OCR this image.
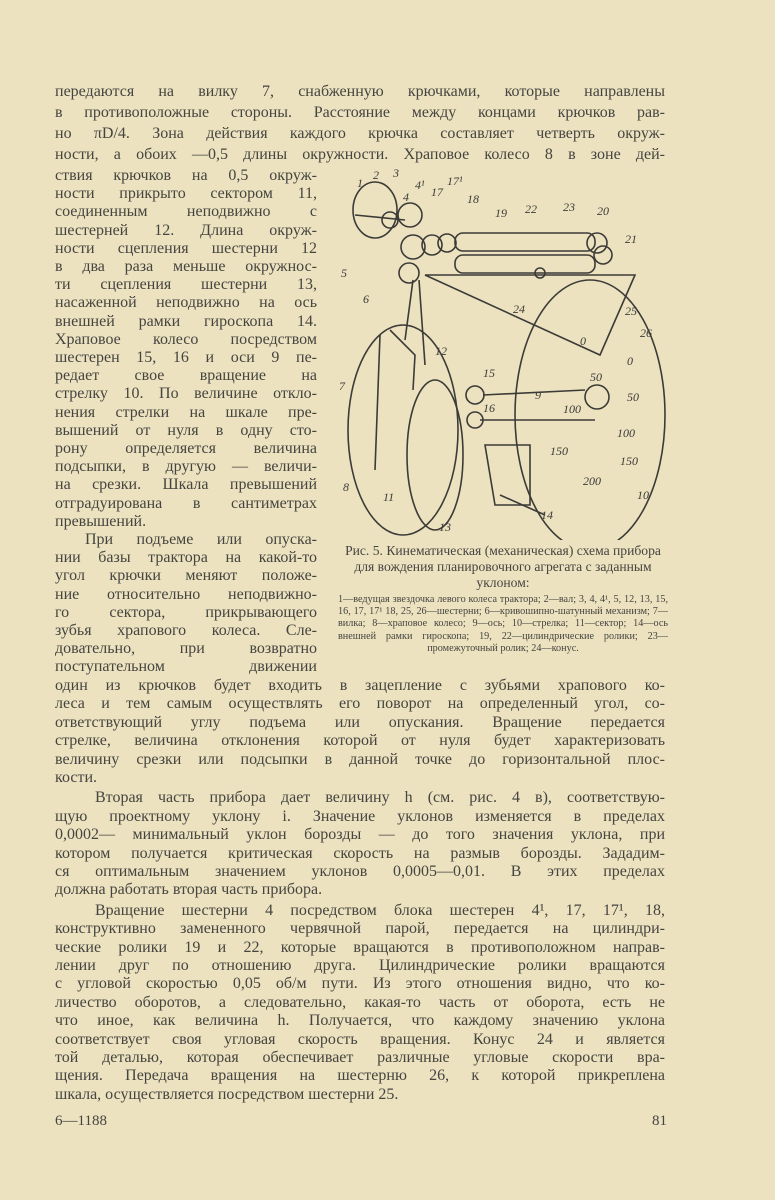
передаются на вилку 7, снабженную крючками, которые направлены
в противоположные стороны. Расстояние между концами крючков рав-
но πD/4. Зона действия каждого крючка составляет четверть окруж-
ности, а обоих —0,5 длины окружности. Храповое колесо 8 в зоне дей-
ствия крючков на 0,5 окруж-
ности прикрыто сектором 11,
соединенным неподвижно с
шестерней 12. Длина окруж-
ности сцепления шестерни 12
в два раза меньше окружнос-
ти сцепления шестерни 13,
насаженной неподвижно на ось
внешней рамки гироскопа 14.
Храповое колесо посредством
шестерен 15, 16 и оси 9 пе-
редает свое вращение на
стрелку 10. По величине откло-
нения стрелки на шкале пре-
вышений от нуля в одну сто-
рону определяется величина
подсыпки, в другую — величи-
на срезки. Шкала превышений
отградуирована в сантиметрах
превышений.
При подъеме или опуска-
нии базы трактора на какой-то
угол крючки меняют положе-
ние относительно неподвижно-
го сектора, прикрывающего
зубья храпового колеса. Сле-
довательно, при возвратно
поступательном движении
один из крючков будет входить в зацепление с зубьями храпового ко-
леса и тем самым осуществлять его поворот на определенный угол, со-
ответствующий углу подъема или опускания. Вращение передается
стрелке, величина отклонения которой от нуля будет характеризовать
величину срезки или подсыпки в данной точке до горизонтальной плос-
кости.
Вторая часть прибора дает величину h (см. рис. 4 в), соответствую-
щую проектному уклону i. Значение уклонов изменяется в пределах
0,0002— минимальный уклон борозды — до того значения уклона, при
котором получается критическая скорость на размыв борозды. Зададим-
ся оптимальным значением уклонов 0,0005—0,01. В этих пределах
должна работать вторая часть прибора.
Вращение шестерни 4 посредством блока шестерен 4¹, 17, 17¹, 18,
конструктивно замененного червячной парой, передается на цилиндри-
ческие ролики 19 и 22, которые вращаются в противоположном направ-
лении друг по отношению друга. Цилиндрические ролики вращаются
с угловой скоростью 0,05 об/м пути. Из этого отношения видно, что ко-
личество оборотов, а следовательно, какая-то часть от оборота, есть не
что иное, как величина h. Получается, что каждому значению уклона
соответствует своя угловая скорость вращения. Конус 24 и является
той деталью, которая обеспечивает различные угловые скорости вра-
щения. Передача вращения на шестерню 26, к которой прикреплена
шкала, осуществляется посредством шестерни 25.
1
2 3
4
4¹ 17
17¹
18
19 22 23 20
21
5
6
12
24	25
26
7
15
16
9
8
11
13
14
10
0
50
100
150
200
0
50
100
150
Рис. 5. Кинематическая (механическая) схема прибора для вождения планировочного агрегата с заданным уклоном:
1—ведущая звездочка левого колеса трактора; 2—вал; 3, 4, 4¹, 5, 12, 13, 15, 16, 17, 17¹ 18, 25, 26—шестерни; 6—кривошипно-шатунный механизм; 7—вилка; 8—храповое колесо; 9—ось; 10—стрелка; 11—сектор; 14—ось внешней рамки гироскопа; 19, 22—цилиндрические ролики; 23—промежуточный ролик; 24—конус.
6—1188	81
